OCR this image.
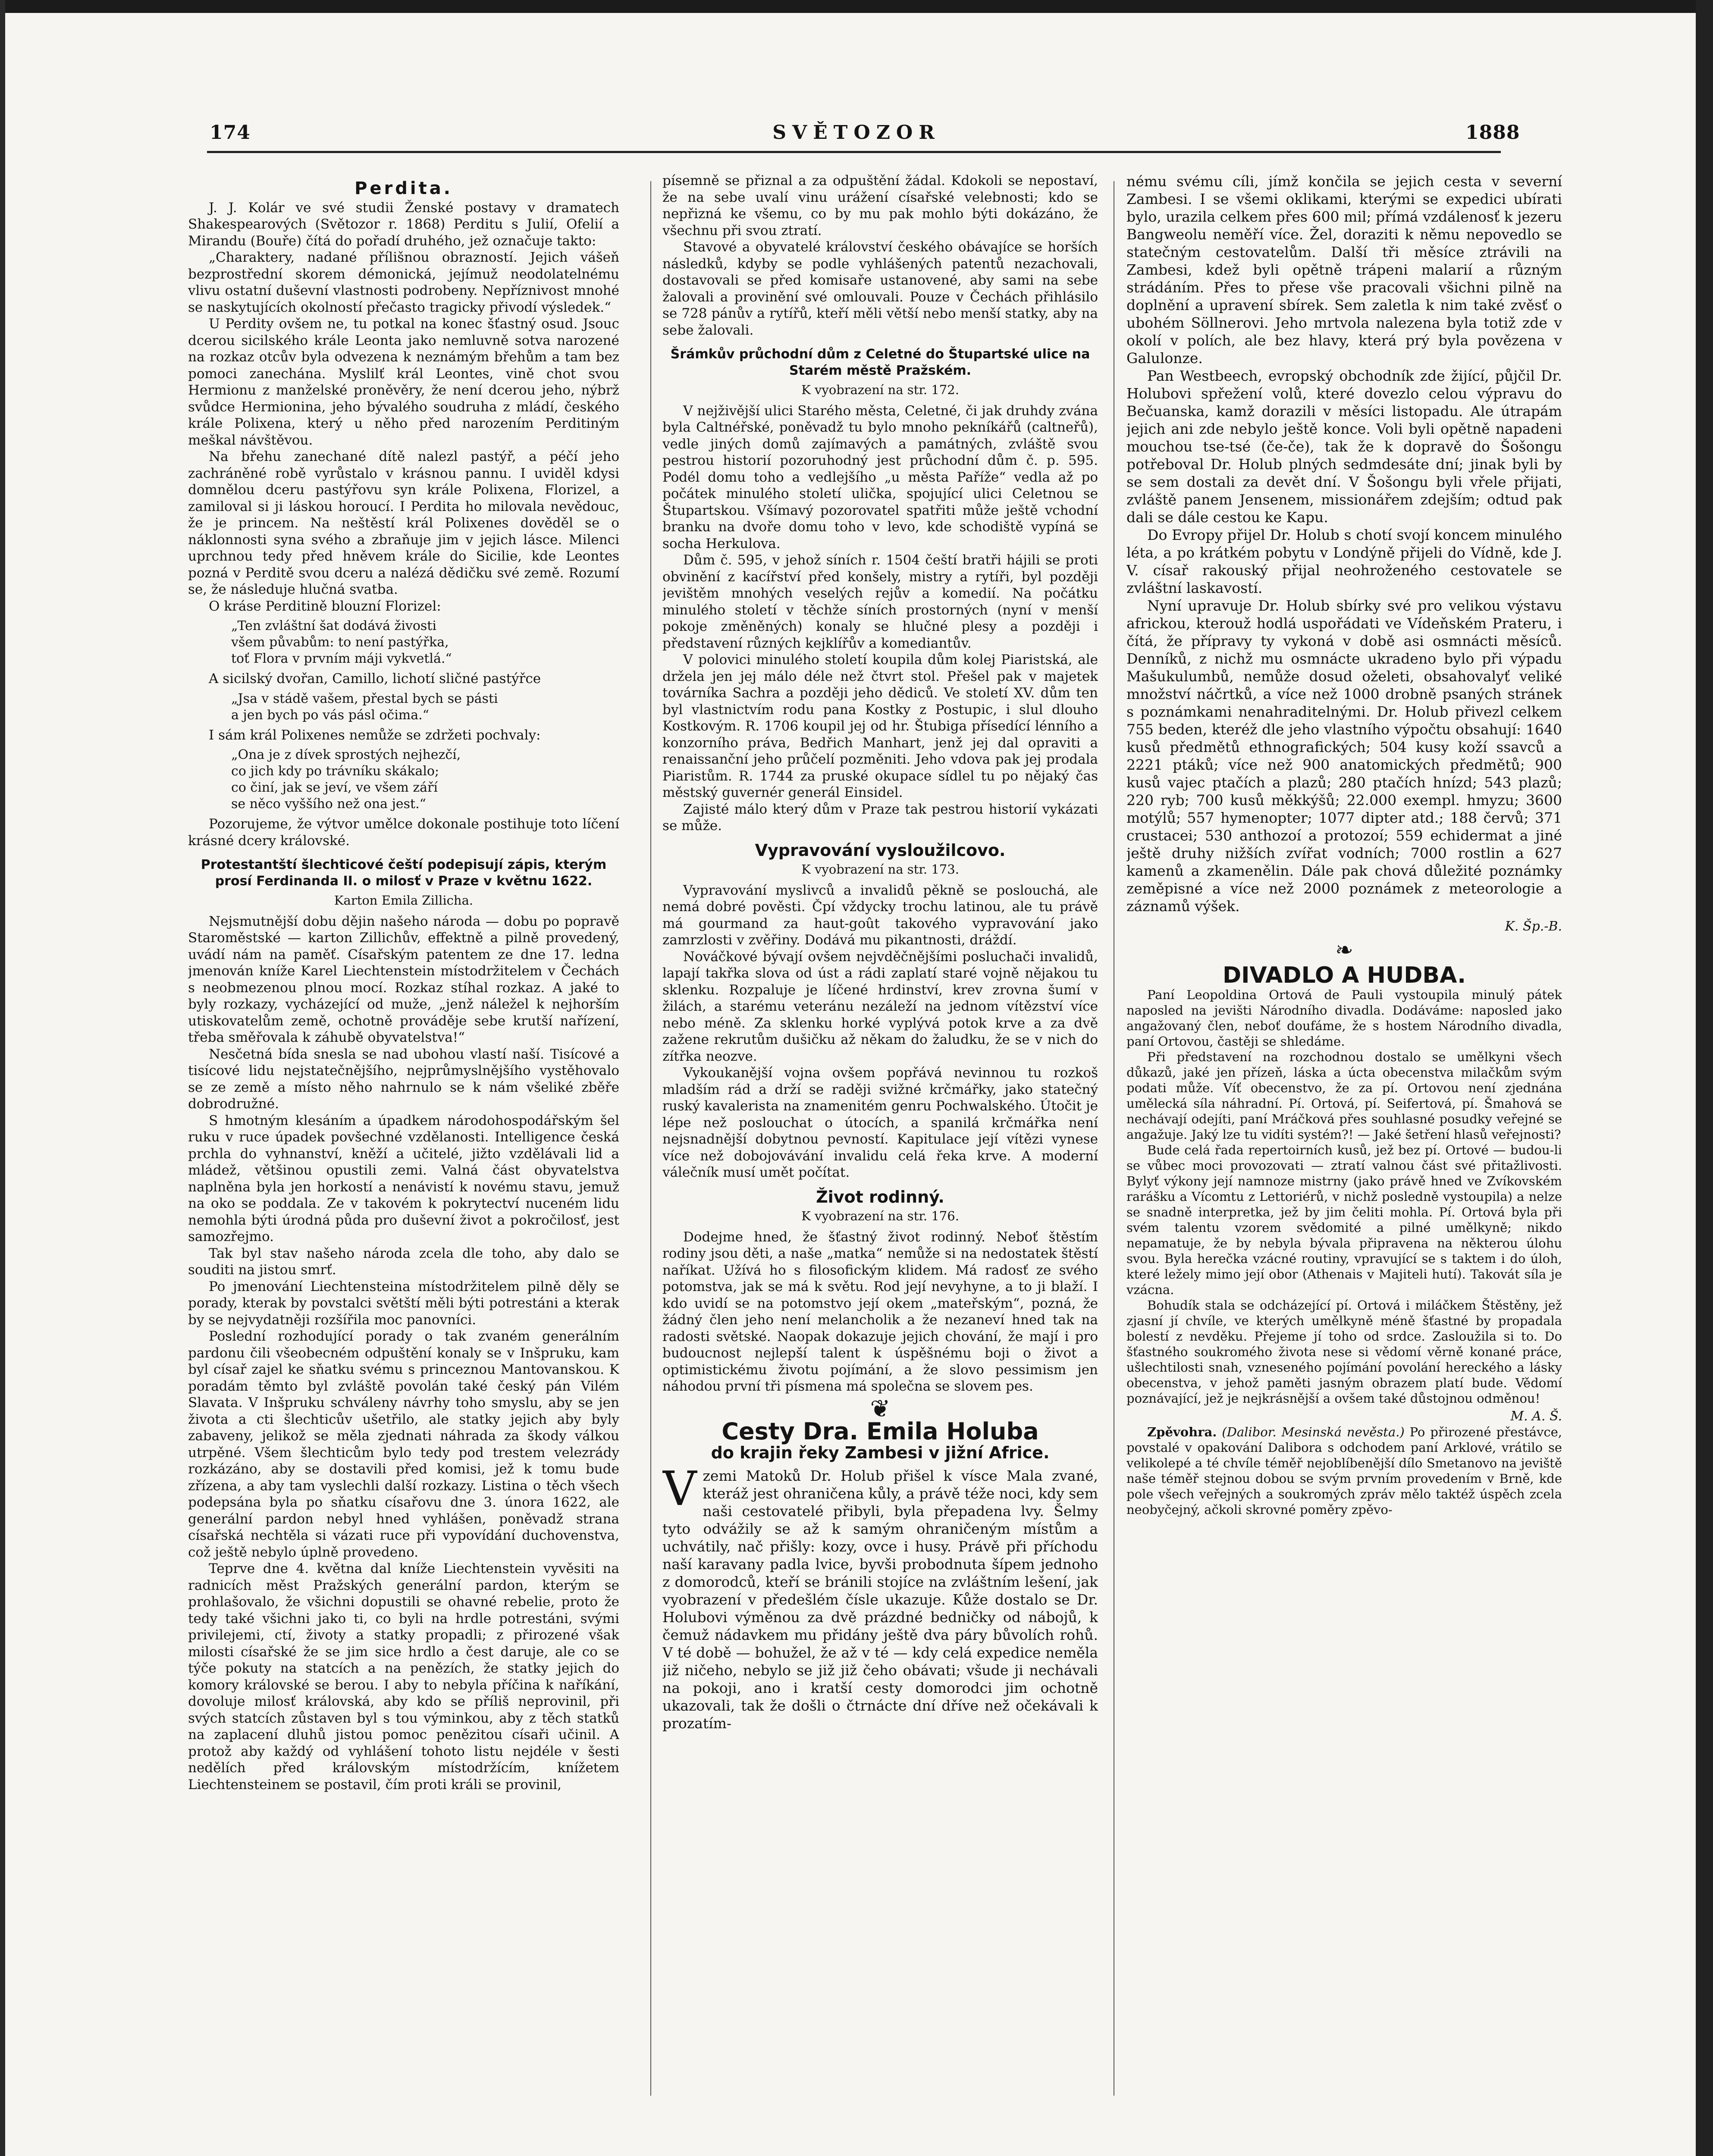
174	SVĚTOZOR	1888
Perdita.

J. J. Kolár ve své studii Ženské postavy v dramatech Shakespearových (Světozor r. 1868) Perditu s Julií, Ofelií a Mirandu (Bouře) čítá do pořadí druhého, jež označuje takto:

„Charaktery, nadané přílišnou obrazností. Jejich vášeň bezprostřední skorem démonická, jejímuž neodolatelnému vlivu ostatní duševní vlastnosti podrobeny. Nepříznivost mnohé se naskytujících okolností přečasto tragicky přivodí výsledek.“

U Perdity ovšem ne, tu potkal na konec šťastný osud. Jsouc dcerou sicilského krále Leonta jako nemluvně sotva narozené na rozkaz otcův byla odvezena k neznámým břehům a tam bez pomoci zanechána. Myslilť král Leontes, vině chot svou Hermionu z manželské proněvěry, že není dcerou jeho, nýbrž svůdce Hermionina, jeho bývalého soudruha z mládí, českého krále Polixena, který u něho před narozením Perditiným meškal návštěvou.

Na břehu zanechané dítě nalezl pastýř, a péčí jeho zachráněné robě vyrůstalo v krásnou pannu. I uviděl kdysi domnělou dceru pastýřovu syn krále Polixena, Florizel, a zamiloval si ji láskou horoucí. I Perdita ho milovala nevědouc, že je princem. Na neštěstí král Polixenes dověděl se o náklonnosti syna svého a zbraňuje jim v jejich lásce. Milenci uprchnou tedy před hněvem krále do Sicilie, kde Leontes pozná v Perditě svou dceru a nalézá dědičku své země. Rozumí se, že následuje hlučná svatba.

O kráse Perditině blouzní Florizel:

„Ten zvláštní šat dodává živosti
všem půvabům: to není pastýřka,
toť Flora v prvním máji vykvetlá.“

A sicilský dvořan, Camillo, lichotí sličné pastýřce

„Jsa v stádě vašem, přestal bych se pásti
a jen bych po vás pásl očima.“

I sám král Polixenes nemůže se zdržeti pochvaly:

„Ona je z dívek sprostých nejhezčí,
co jich kdy po trávníku skákalo;
co činí, jak se jeví, ve všem září
se něco vyššího než ona jest.“

Pozorujeme, že výtvor umělce dokonale postihuje toto líčení krásné dcery královské.

Protestantští šlechticové čeští podepisují zápis, kterým prosí Ferdinanda II. o milosť v Praze v květnu 1622.
Karton Emila Zillicha.

Nejsmutnější dobu dějin našeho národa — dobu po popravě Staroměstské — karton Zillichův, effektně a pilně provedený, uvádí nám na paměť. Císařským patentem ze dne 17. ledna jmenován kníže Karel Liechtenstein místodržitelem v Čechách s neobmezenou plnou mocí. Rozkaz stíhal rozkaz. A jaké to byly rozkazy, vycházející od muže, „jenž náležel k nejhorším utiskovatelům země, ochotně prováděje sebe krutší nařízení, třeba směřovala k záhubě obyvatelstva!“

Nesčetná bída snesla se nad ubohou vlastí naší. Tisícové a tisícové lidu nejstatečnějšího, nejprůmyslnějšího vystěhovalo se ze země a místo něho nahrnulo se k nám všeliké zběře dobrodružné.

S hmotným klesáním a úpadkem národohospodářským šel ruku v ruce úpadek povšechné vzdělanosti. Intelligence česká prchla do vyhnanství, kněží a učitelé, jižto vzdělávali lid a mládež, většinou opustili zemi. Valná část obyvatelstva naplněna byla jen horkostí a nenávistí k novému stavu, jemuž na oko se poddala. Ze v takovém k pokrytectví nuceném lidu nemohla býti úrodná půda pro duševní život a pokročilosť, jest samozřejmo.

Tak byl stav našeho národa zcela dle toho, aby dalo se souditi na jistou smrť.

Po jmenování Liechtensteina místodržitelem pilně děly se porady, kterak by povstalci světští měli býti potrestáni a kterak by se nejvydatněji rozšířila moc panovníci.

Poslední rozhodující porady o tak zvaném generálním pardonu čili všeobecném odpuštění konaly se v Inšpruku, kam byl císař zajel ke sňatku svému s princeznou Mantovanskou. K poradám těmto byl zvláště povolán také český pán Vilém Slavata. V Inšpruku schváleny návrhy toho smyslu, aby se jen života a cti šlechticův ušetřilo, ale statky jejich aby byly zabaveny, jelikož se měla zjednati náhrada za škody válkou utrpěné. Všem šlechticům bylo tedy pod trestem velezrády rozkázáno, aby se dostavili před komisi, jež k tomu bude zřízena, a aby tam vyslechli další rozkazy. Listina o těch všech podepsána byla po sňatku císařovu dne 3. února 1622, ale generální pardon nebyl hned vyhlášen, poněvadž strana císařská nechtěla si vázati ruce při vypovídání duchovenstva, což ještě nebylo úplně provedeno.

Teprve dne 4. května dal kníže Liechtenstein vyvěsiti na radnicích měst Pražských generální pardon, kterým se prohlašovalo, že všichni dopustili se ohavné rebelie, proto že tedy také všichni jako ti, co byli na hrdle potrestáni, svými privilejemi, ctí, životy a statky propadli; z přirozené však milosti císařské že se jim sice hrdlo a čest daruje, ale co se týče pokuty na statcích a na penězích, že statky jejich do komory královské se berou. I aby to nebyla příčina k naříkání, dovoluje milosť královská, aby kdo se příliš neprovinil, při svých statcích zůstaven byl s tou výminkou, aby z těch statků na zaplacení dluhů jistou pomoc penězitou císaři učinil. A protož aby každý od vyhlášení tohoto listu nejdéle v šesti nedělích před královským místodržícím, knížetem Liechtensteinem se postavil, čím proti králi se provinil,

písemně se přiznal a za odpuštění žádal. Kdokoli se nepostaví, že na sebe uvalí vinu urážení císařské velebnosti; kdo se nepřizná ke všemu, co by mu pak mohlo býti dokázáno, že všechnu při svou ztratí.

Stavové a obyvatelé království českého obávajíce se horších následků, kdyby se podle vyhlášených patentů nezachovali, dostavovali se před komisaře ustanovené, aby sami na sebe žalovali a provinění své omlouvali. Pouze v Čechách přihlásilo se 728 pánův a rytířů, kteří měli větší nebo menší statky, aby na sebe žalovali.

Šrámkův průchodní dům z Celetné do Štupartské ulice na Starém městě Pražském.
K vyobrazení na str. 172.

V nejživější ulici Starého města, Celetné, či jak druhdy zvána byla Caltnéřské, poněvadž tu bylo mnoho pekníkářů (caltneřů), vedle jiných domů zajímavých a památných, zvláště svou pestrou historií pozoruhodný jest průchodní dům č. p. 595. Podél domu toho a vedlejšího „u města Paříže“ vedla až po počátek minulého století ulička, spojující ulici Celetnou se Štupartskou. Všímavý pozorovatel spatřiti může ještě vchodní branku na dvoře domu toho v levo, kde schodiště vypíná se socha Herkulova.

Dům č. 595, v jehož síních r. 1504 čeští bratři hájili se proti obvinění z kacířství před konšely, mistry a rytíři, byl později jevištěm mnohých veselých rejův a komedií. Na počátku minulého století v těchže síních prostorných (nyní v menší pokoje změněných) konaly se hlučné plesy a později i představení různých kejklířův a komediantův.

V polovici minulého století koupila dům kolej Piaristská, ale držela jen jej málo déle než čtvrt stol. Přešel pak v majetek továrníka Sachra a později jeho dědiců. Ve století XV. dům ten byl vlastnictvím rodu pana Kostky z Postupic, i slul dlouho Kostkovým. R. 1706 koupil jej od hr. Štubiga přísedící lénního a konzorního práva, Bedřich Manhart, jenž jej dal opraviti a renaissanční jeho průčelí pozměniti. Jeho vdova pak jej prodala Piaristům. R. 1744 za pruské okupace sídlel tu po nějaký čas městský guvernér generál Einsidel.

Zajisté málo který dům v Praze tak pestrou historií vykázati se může.

Vypravování vysloužilcovo.
K vyobrazení na str. 173.

Vypravování myslivců a invalidů pěkně se poslouchá, ale nemá dobré pověsti. Čpí vždycky trochu latinou, ale tu právě má gourmand za haut-goût takového vypravování jako zamrzlosti v zvěřiny. Dodává mu pikantnosti, dráždí.

Nováčkové bývají ovšem nejvděčnějšími posluchači invalidů, lapají takřka slova od úst a rádi zaplatí staré vojně nějakou tu sklenku. Rozpaluje je líčené hrdinství, krev zrovna šumí v žilách, a starému veteránu nezáleží na jednom vítězství více nebo méně. Za sklenku horké vyplývá potok krve a za dvě zažene rekrutům dušičku až někam do žaludku, že se v nich do zítřka neozve.

Vykoukanější vojna ovšem popřává nevinnou tu rozkoš mladším rád a drží se raději svižné krčmářky, jako statečný ruský kavalerista na znamenitém genru Pochwalského. Útočit je lépe než poslouchat o útocích, a spanilá krčmářka není nejsnadnější dobytnou pevností. Kapitulace její vítězi vynese více než dobojovávání invalidu celá řeka krve. A moderní válečník musí umět počítat.

Život rodinný.
K vyobrazení na str. 176.

Dodejme hned, že šťastný život rodinný. Neboť štěstím rodiny jsou děti, a naše „matka“ nemůže si na nedostatek štěstí naříkat. Užívá ho s filosofickým klidem. Má radosť ze svého potomstva, jak se má k světu. Rod její nevyhyne, a to ji blaží. I kdo uvidí se na potomstvo její okem „mateřským“, pozná, že žádný člen jeho není melancholik a že nezaneví hned tak na radosti světské. Naopak dokazuje jejich chování, že mají i pro budoucnost nejlepší talent k úspěšnému boji o život a optimistickému životu pojímání, a že slovo pessimism jen náhodou první tři písmena má společna se slovem pes.

❦
Cesty Dra. Emila Holuba
do krajin řeky Zambesi v jižní Africe.

V zemi Matoků Dr. Holub přišel k vísce Mala zvané, kteráž jest ohraničena kůly, a právě téže noci, kdy sem naši cestovatelé přibyli, byla přepadena lvy. Šelmy tyto odvážily se až k samým ohraničeným místům a uchvátily, nač přišly: kozy, ovce i husy. Právě při příchodu naší karavany padla lvice, byvši probodnuta šípem jednoho z domorodců, kteří se bránili stojíce na zvláštním lešení, jak vyobrazení v předešlém čísle ukazuje. Kůže dostalo se Dr. Holubovi výměnou za dvě prázdné bedničky od nábojů, k čemuž nádavkem mu přidány ještě dva páry bůvolích rohů. V té době — bohužel, že až v té — kdy celá expedice neměla již ničeho, nebylo se již již čeho obávati; všude ji nechávali na pokoji, ano i kratší cesty domorodci jim ochotně ukazovali, tak že došli o čtrnácte dní dříve než očekávali k prozatím-

nému svému cíli, jímž končila se jejich cesta v severní Zambesi. I se všemi oklikami, kterými se expedici ubírati bylo, urazila celkem přes 600 mil; přímá vzdálenosť k jezeru Bangweolu neměří více. Žel, doraziti k němu nepovedlo se statečným cestovatelům. Další tři měsíce ztrávili na Zambesi, kdež byli opětně trápeni malarií a různým strádáním. Přes to přese vše pracovali všichni pilně na doplnění a upravení sbírek. Sem zaletla k nim také zvěsť o ubohém Söllnerovi. Jeho mrtvola nalezena byla totiž zde v okolí v polích, ale bez hlavy, která prý byla povězena v Galulonze.

Pan Westbeech, evropský obchodník zde žijící, půjčil Dr. Holubovi spřežení volů, které dovezlo celou výpravu do Bečuanska, kamž dorazili v měsíci listopadu. Ale útrapám jejich ani zde nebylo ještě konce. Voli byli opětně napadeni mouchou tse-tsé (če-če), tak že k dopravě do Šošongu potřeboval Dr. Holub plných sedmdesáte dní; jinak byli by se sem dostali za devět dní. V Šošongu byli vřele přijati, zvláště panem Jensenem, missionářem zdejším; odtud pak dali se dále cestou ke Kapu.

Do Evropy přijel Dr. Holub s chotí svojí koncem minulého léta, a po krátkém pobytu v Londýně přijeli do Vídně, kde J. V. císař rakouský přijal neohroženého cestovatele se zvláštní laskavostí.

Nyní upravuje Dr. Holub sbírky své pro velikou výstavu africkou, kterouž hodlá uspořádati ve Vídeňském Prateru, i čítá, že přípravy ty vykoná v době asi osmnácti měsíců. Denníků, z nichž mu osmnácte ukradeno bylo při výpadu Mašukulumbů, nemůže dosud oželeti, obsahovalyť veliké množství náčrtků, a více než 1000 drobně psaných stránek s poznámkami nenahraditelnými. Dr. Holub přivezl celkem 755 beden, kteréž dle jeho vlastního výpočtu obsahují: 1640 kusů předmětů ethnografických; 504 kusy koží ssavců a 2221 ptáků; více než 900 anatomických předmětů; 900 kusů vajec ptačích a plazů; 280 ptačích hnízd; 543 plazů; 220 ryb; 700 kusů měkkýšů; 22.000 exempl. hmyzu; 3600 motýlů; 557 hymenopter; 1077 dipter atd.; 188 červů; 371 crustacei; 530 anthozoí a protozoí; 559 echidermat a jiné ještě druhy nižších zvířat vodních; 7000 rostlin a 627 kamenů a zkamenělin. Dále pak chová důležité poznámky zeměpisné a více než 2000 poznámek z meteorologie a záznamů výšek.

K. Šp.-B.
❧
DIVADLO A HUDBA.

Paní Leopoldina Ortová de Pauli vystoupila minulý pátek naposled na jevišti Národního divadla. Dodáváme: naposled jako angažovaný člen, neboť doufáme, že s hostem Národního divadla, paní Ortovou, častěji se shledáme.

Při představení na rozchodnou dostalo se umělkyni všech důkazů, jaké jen přízeň, láska a úcta obecenstva milačkům svým podati může. Víť obecenstvo, že za pí. Ortovou není zjednána umělecká síla náhradní. Pí. Ortová, pí. Seifertová, pí. Šmahová se nechávají odejíti, paní Mráčková přes souhlasné posudky veřejné se angažuje. Jaký lze tu vidíti systém?! — Jaké šetření hlasů veřejnosti?

Bude celá řada repertoirních kusů, jež bez pí. Ortové — budou-li se vůbec moci provozovati — ztratí valnou část své přitažlivosti. Bylyť výkony její namnoze mistrny (jako právě hned ve Zvíkovském rarášku a Vícomtu z Lettoriérů, v nichž posledně vystoupila) a nelze se snadně interpretka, jež by jim čeliti mohla. Pí. Ortová byla při svém talentu vzorem svědomité a pilné umělkyně; nikdo nepamatuje, že by nebyla bývala připravena na některou úlohu svou. Byla herečka vzácné routiny, vpravující se s taktem i do úloh, které ležely mimo její obor (Athenais v Majiteli hutí). Takovát síla je vzácna.

Bohudík stala se odcházející pí. Ortová i miláčkem Štěstěny, jež zjasní jí chvíle, ve kterých umělkyně méně šťastné by propadala bolestí z nevděku. Přejeme jí toho od srdce. Zasloužila si to. Do šťastného soukromého života nese si vědomí věrně konané práce, ušlechtilosti snah, vzneseného pojímání povolání hereckého a lásky obecenstva, v jehož paměti jasným obrazem platí bude. Vědomí poznávající, jež je nejkrásnější a ovšem také důstojnou odměnou!

M. A. Š.

Zpěvohra. (Dalibor. Mesinská nevěsta.) Po přirozené přestávce, povstalé v opakování Dalibora s odchodem paní Arklové, vrátilo se velikolepé a té chvíle téměř nejoblíbenější dílo Smetanovo na jeviště naše téměř stejnou dobou se svým prvním provedením v Brně, kde pole všech veřejných a soukromých zpráv mělo taktéž úspěch zcela neobyčejný, ačkoli skrovné poměry zpěvo-
